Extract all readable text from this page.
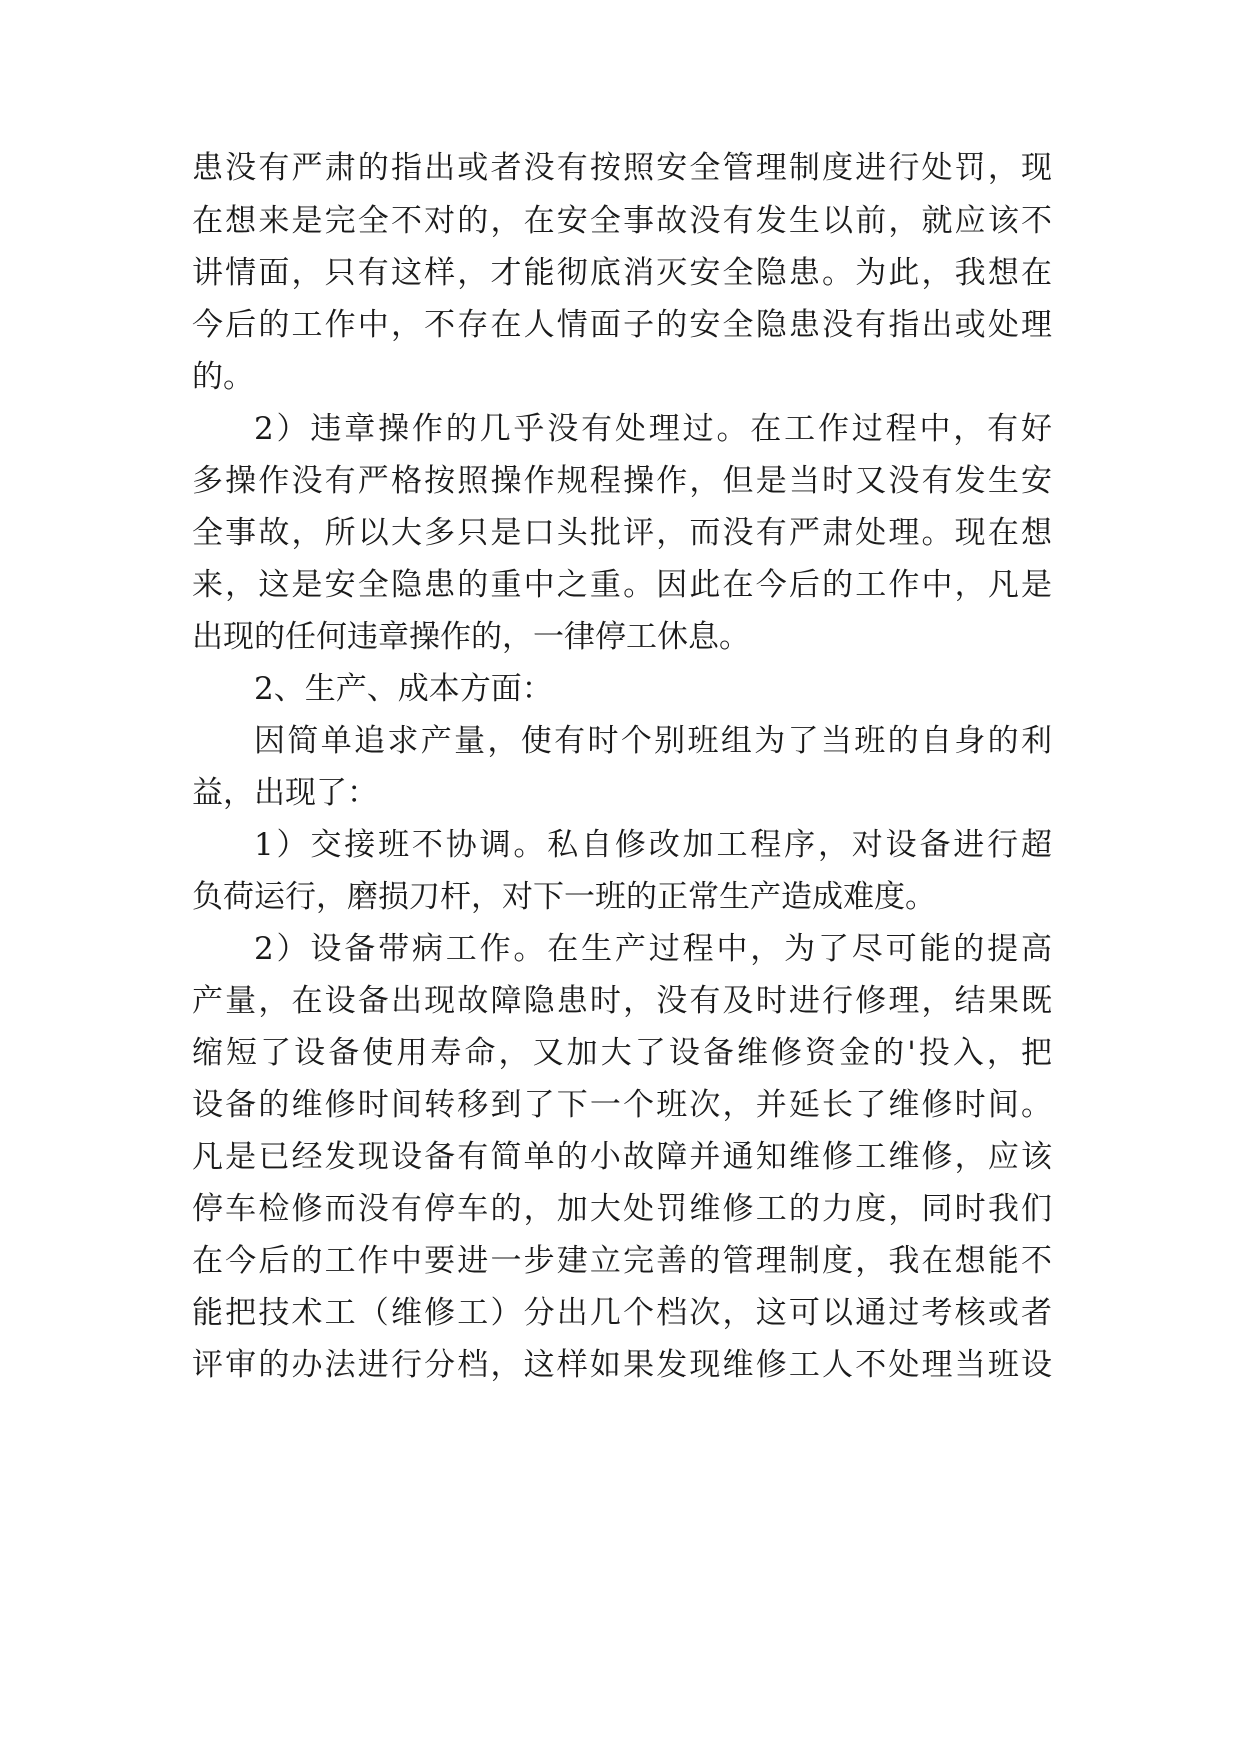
患没有严肃的指出或者没有按照安全管理制度进行处罚，现
在想来是完全不对的，在安全事故没有发生以前，就应该不
讲情面，只有这样，才能彻底消灭安全隐患。为此，我想在
今后的工作中，不存在人情面子的安全隐患没有指出或处理
的。
2）违章操作的几乎没有处理过。在工作过程中，有好
多操作没有严格按照操作规程操作，但是当时又没有发生安
全事故，所以大多只是口头批评，而没有严肃处理。现在想
来，这是安全隐患的重中之重。因此在今后的工作中，凡是
出现的任何违章操作的，一律停工休息。
2、生产、成本方面：
因简单追求产量，使有时个别班组为了当班的自身的利
益，出现了：
1）交接班不协调。私自修改加工程序，对设备进行超
负荷运行，磨损刀杆，对下一班的正常生产造成难度。
2）设备带病工作。在生产过程中，为了尽可能的提高
产量，在设备出现故障隐患时，没有及时进行修理，结果既
缩短了设备使用寿命，又加大了设备维修资金的'投入，把
设备的维修时间转移到了下一个班次，并延长了维修时间。
凡是已经发现设备有简单的小故障并通知维修工维修，应该
停车检修而没有停车的，加大处罚维修工的力度，同时我们
在今后的工作中要进一步建立完善的管理制度，我在想能不
能把技术工（维修工）分出几个档次，这可以通过考核或者
评审的办法进行分档，这样如果发现维修工人不处理当班设
